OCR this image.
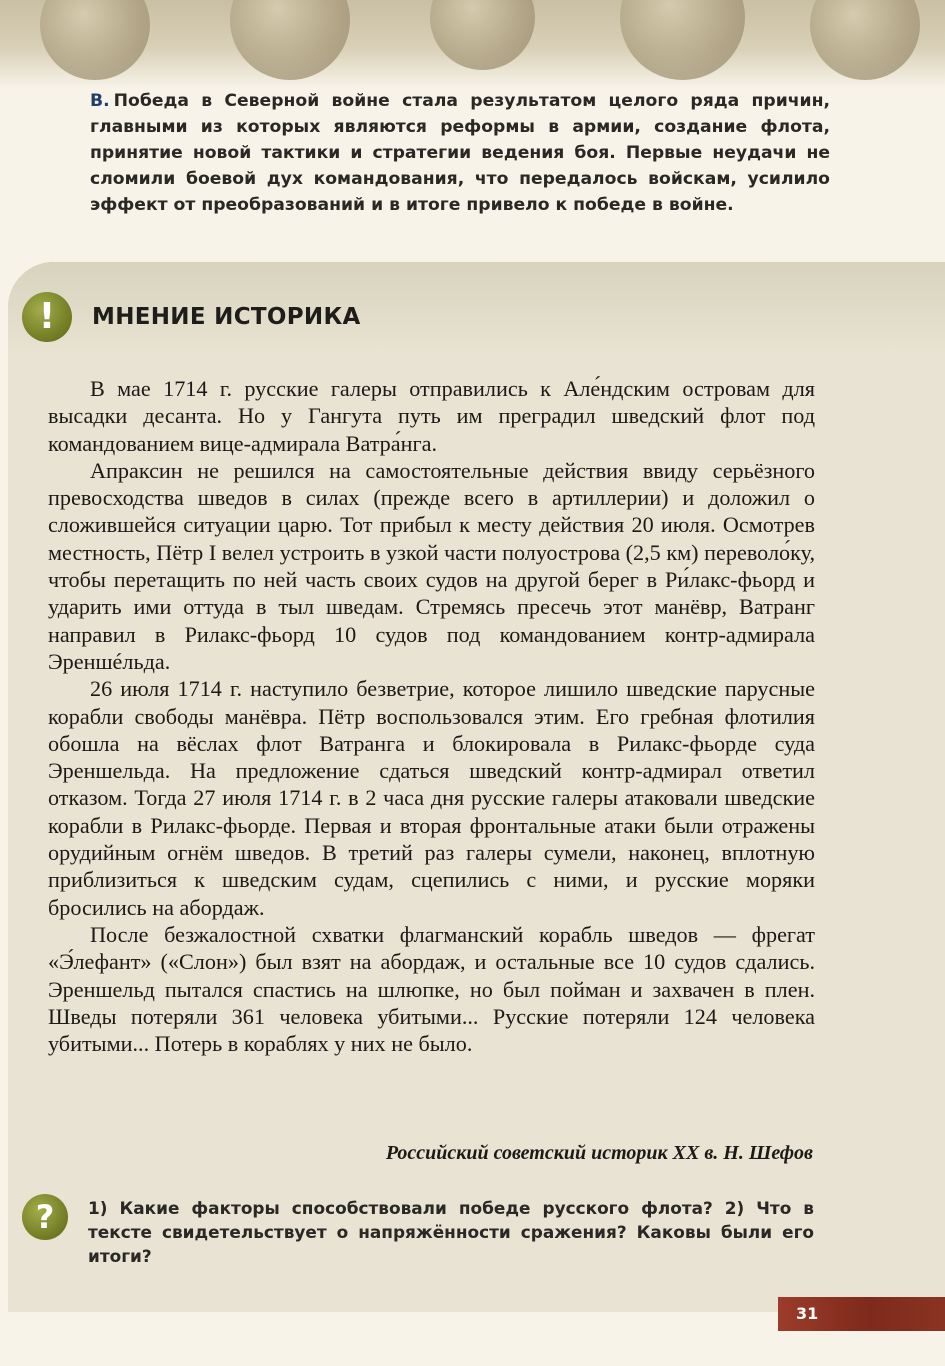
B. Победа в Северной войне стала результатом целого ряда причин, главными из которых являются реформы в армии, создание флота, принятие новой тактики и стратегии ведения боя. Первые неудачи не сломили боевой дух командования, что передалось войскам, усилило эффект от преобразований и в итоге привело к победе в войне.
!	МНЕНИЕ ИСТОРИКА

В мае 1714 г. русские галеры отправились к Але́ндским островам для высадки десанта. Но у Гангута путь им преградил шведский флот под командованием вице-адмирала Ватра́нга.

Апраксин не решился на самостоятельные действия ввиду серьёзного превосходства шведов в силах (прежде всего в артиллерии) и доложил о сложившейся ситуации царю. Тот прибыл к месту действия 20 июля. Осмотрев местность, Пётр I велел устроить в узкой части полуострова (2,5 км) переволо́ку, чтобы перетащить по ней часть своих судов на другой берег в Ри́лакс-фьорд и ударить ими оттуда в тыл шведам. Стремясь пресечь этот манёвр, Ватранг направил в Рилакс-фьорд 10 судов под командованием контр-адмирала Эреншéльда.

26 июля 1714 г. наступило безветрие, которое лишило шведские парусные корабли свободы манёвра. Пётр воспользовался этим. Его гребная флотилия обошла на вёслах флот Ватранга и блокировала в Рилакс-фьорде суда Эреншельда. На предложение сдаться шведский контр-адмирал ответил отказом. Тогда 27 июля 1714 г. в 2 часа дня русские галеры атаковали шведские корабли в Рилакс-фьорде. Первая и вторая фронтальные атаки были отражены орудийным огнём шведов. В третий раз галеры сумели, наконец, вплотную приблизиться к шведским судам, сцепились с ними, и русские моряки бросились на абордаж.

После безжалостной схватки флагманский корабль шведов — фрегат «Э́лефант» («Слон») был взят на абордаж, и остальные все 10 судов сдались. Эреншельд пытался спастись на шлюпке, но был пойман и захвачен в плен. Шведы потеряли 361 человека убитыми... Русские потеряли 124 человека убитыми... Потерь в кораблях у них не было.

Российский советский историк XX в. Н. Шефов
?	1) Какие факторы способствовали победе русского флота? 2) Что в тексте свидетельствует о напряжённости сражения? Каковы были его итоги?
31
